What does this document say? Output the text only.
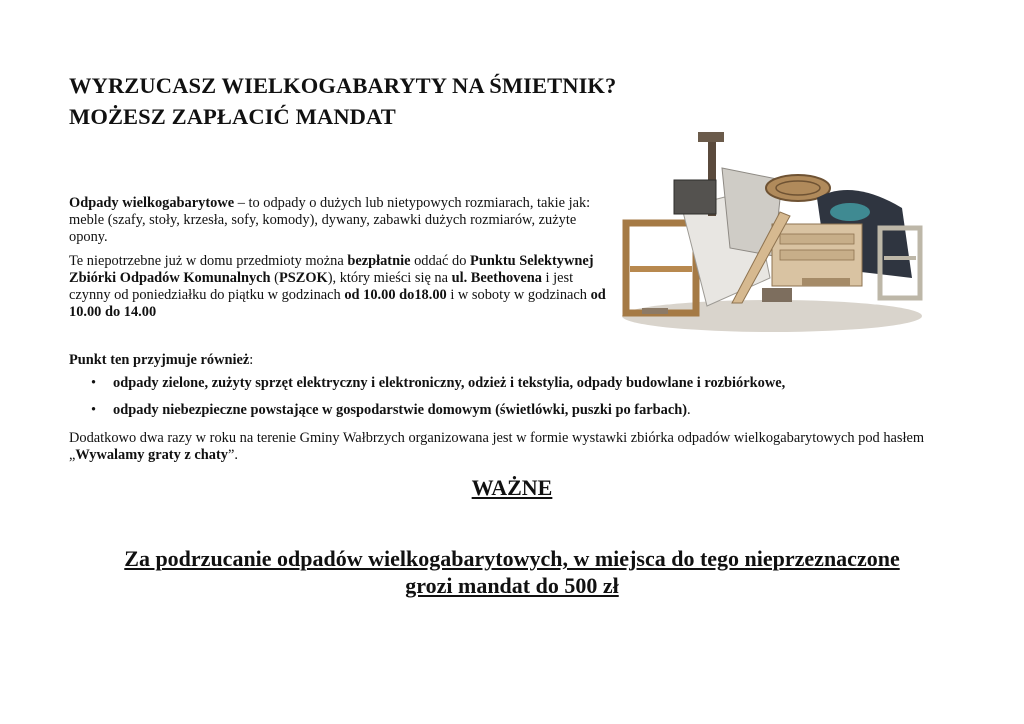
WYRZUCASZ WIELKOGABARYTY NA ŚMIETNIK?
MOŻESZ ZAPŁACIĆ MANDAT

Odpady wielkogabarytowe – to odpady o dużych lub nietypowych rozmiarach, takie jak: meble (szafy, stoły, krzesła, sofy, komody), dywany, zabawki dużych rozmiarów, zużyte opony.

Te niepotrzebne już w domu przedmioty można bezpłatnie oddać do Punktu Selektywnej Zbiórki Odpadów Komunalnych (PSZOK), który mieści się na ul. Beethovena i jest czynny od poniedziałku do piątku w godzinach od 10.00 do18.00 i w soboty w godzinach od 10.00 do 14.00

Punkt ten przyjmuje również:

• odpady zielone, zużyty sprzęt elektryczny i elektroniczny, odzież i tekstylia, odpady budowlane i rozbiórkowe,
• odpady niebezpieczne powstające w gospodarstwie domowym (świetlówki, puszki po farbach).

Dodatkowo dwa razy w roku na terenie Gminy Wałbrzych organizowana jest w formie wystawki zbiórka odpadów wielkogabarytowych pod hasłem „Wywalamy graty z chaty”.

WAŻNE

Za podrzucanie odpadów wielkogabarytowych, w miejsca do tego nieprzeznaczone
grozi mandat do 500 zł
